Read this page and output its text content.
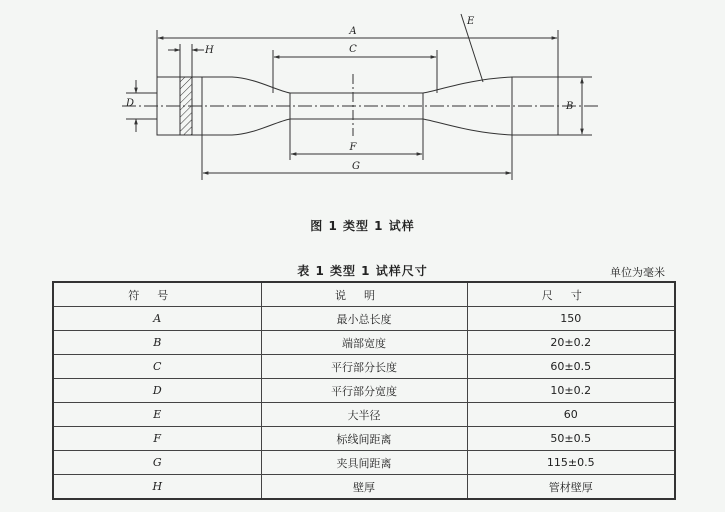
A
H	C
E
D	B
F
G
图 1 类型 1 试样
表 1 类型 1 试样尺寸	单位为毫米
符号	说明	尺寸
A	最小总长度	150
B	端部宽度	20±0.2
C	平行部分长度	60±0.5
D	平行部分宽度	10±0.2
E	大半径	60
F	标线间距离	50±0.5
G	夹具间距离	115±0.5
H	壁厚	管材壁厚
